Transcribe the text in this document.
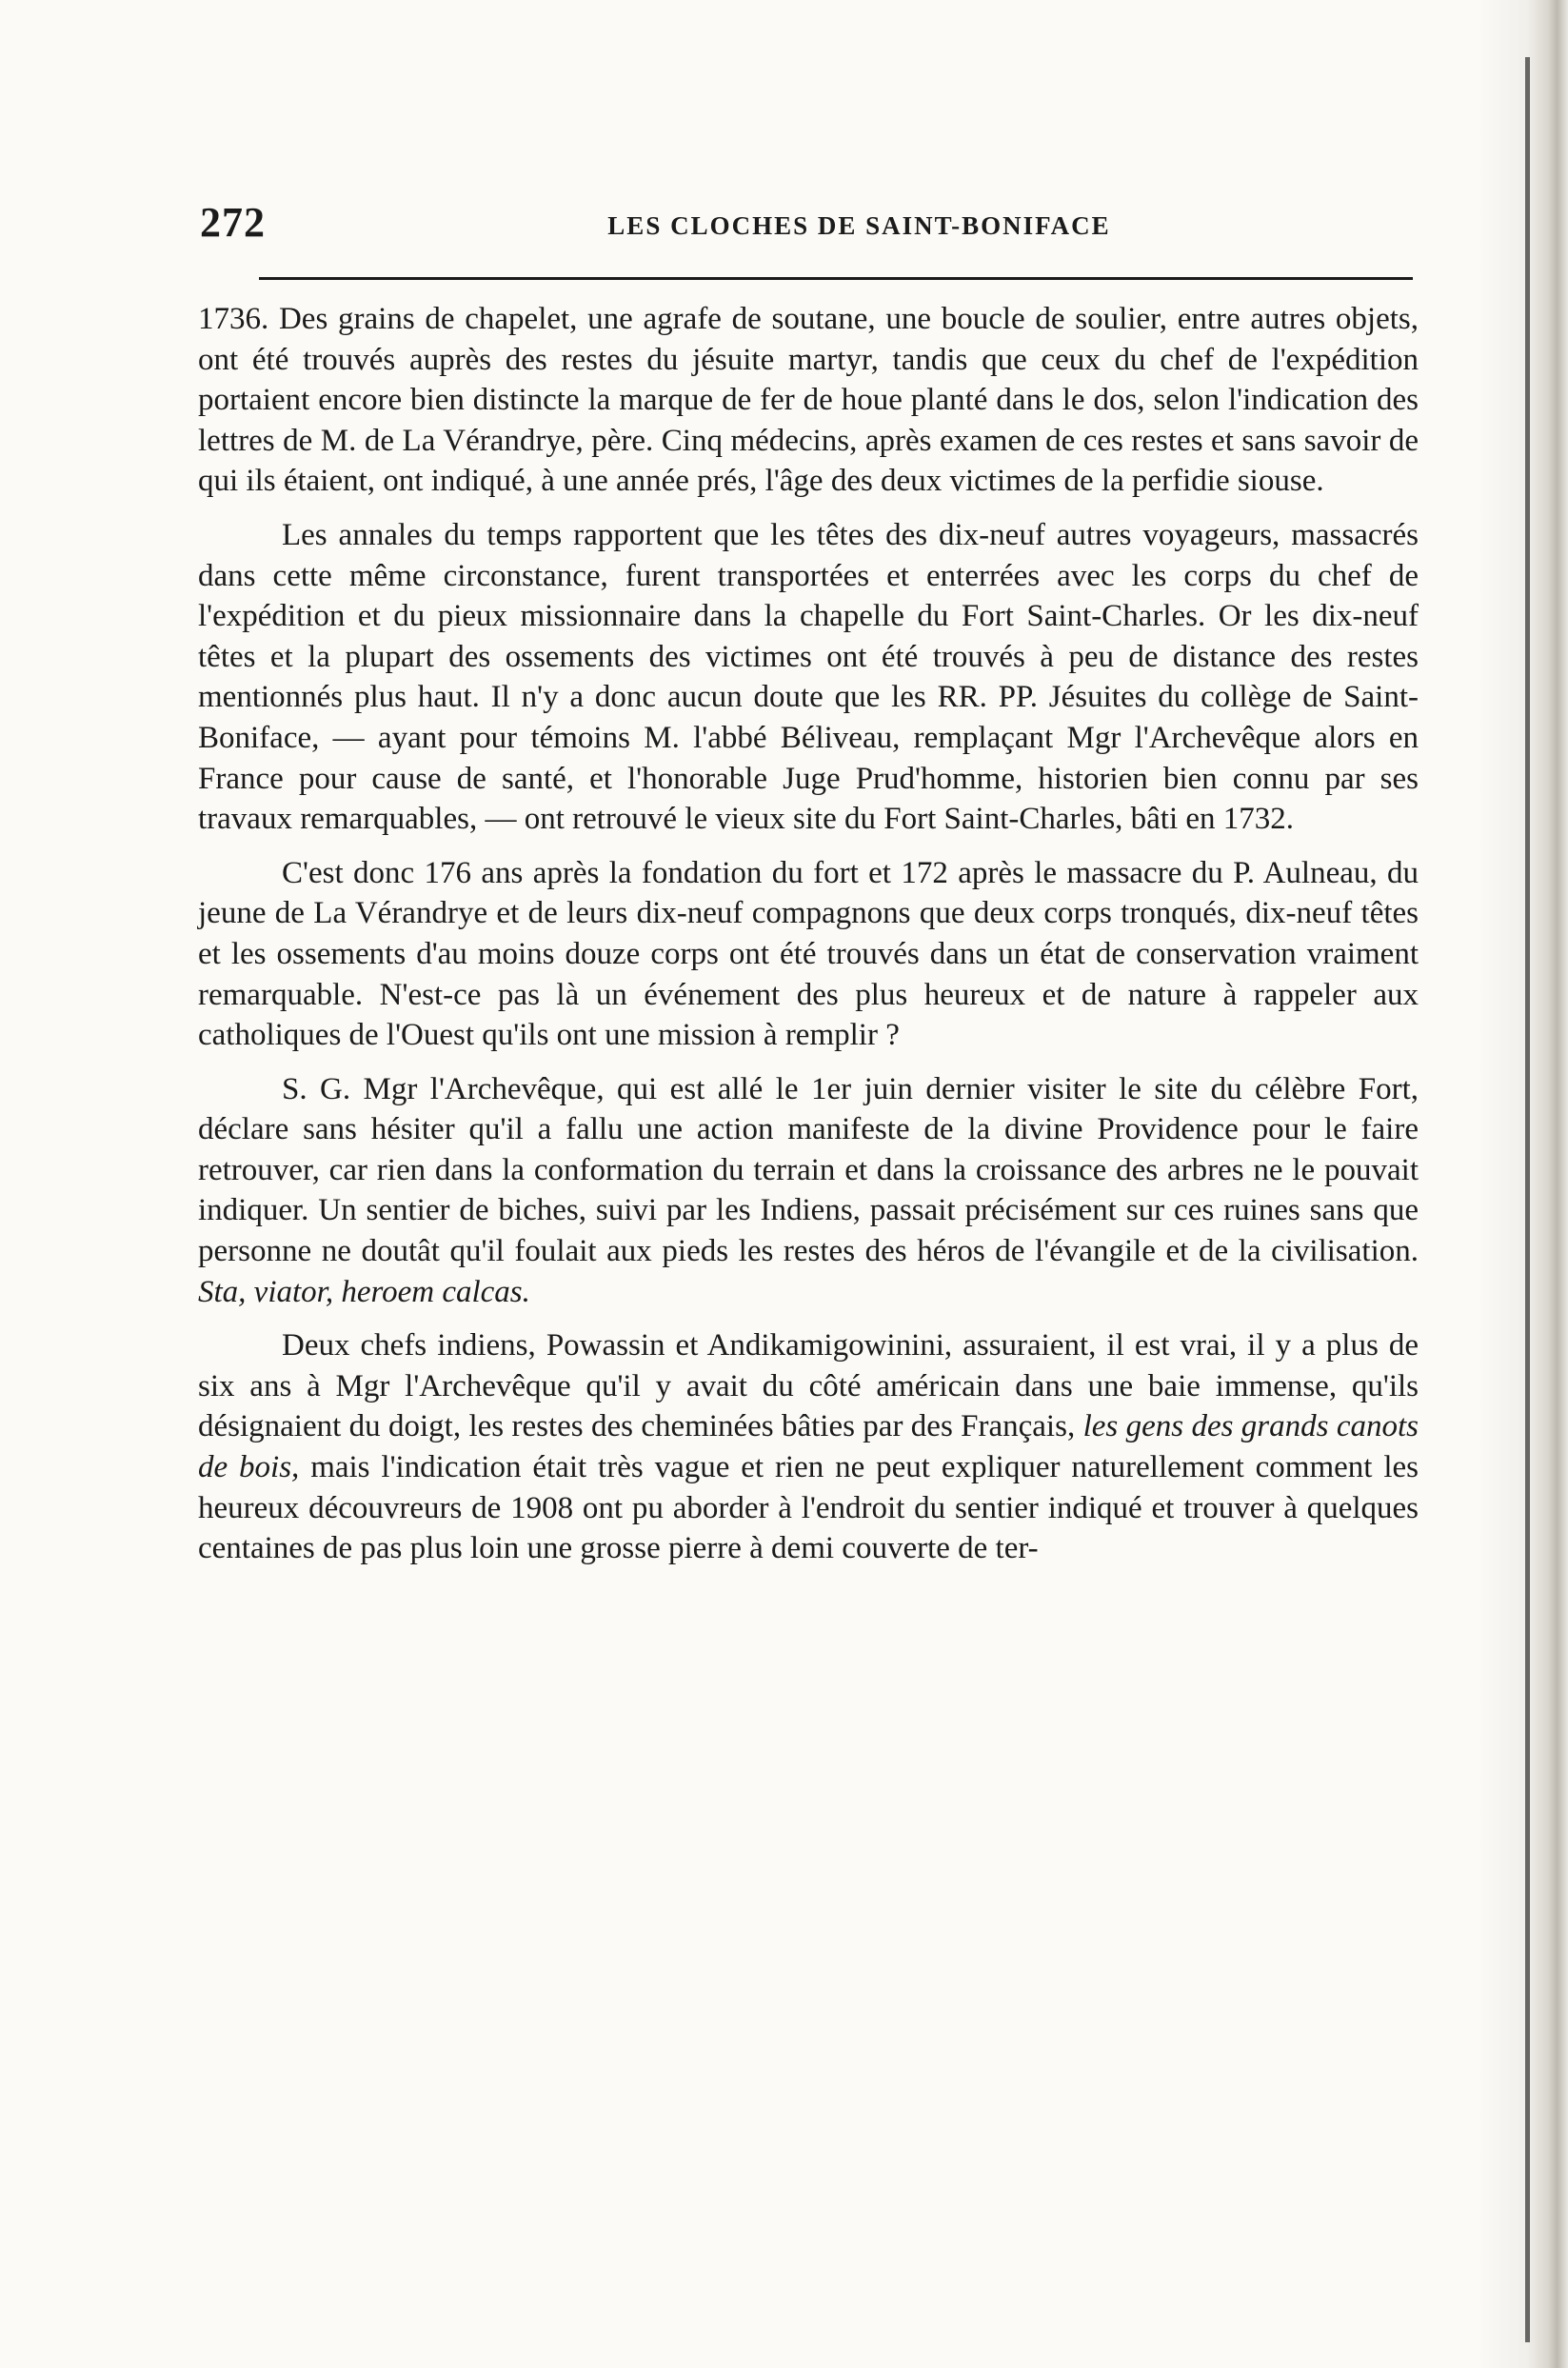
272	LES CLOCHES DE SAINT-BONIFACE

1736. Des grains de chapelet, une agrafe de soutane, une boucle de soulier, entre autres objets, ont été trouvés auprès des restes du jésuite martyr, tandis que ceux du chef de l'expédition portaient encore bien distincte la marque de fer de houe planté dans le dos, selon l'indication des lettres de M. de La Vérandrye, père. Cinq médecins, après examen de ces restes et sans savoir de qui ils étaient, ont indiqué, à une année prés, l'âge des deux victimes de la perfidie siouse.

Les annales du temps rapportent que les têtes des dix-neuf autres voyageurs, massacrés dans cette même circonstance, furent transportées et enterrées avec les corps du chef de l'expédition et du pieux missionnaire dans la chapelle du Fort Saint-Charles. Or les dix-neuf têtes et la plupart des ossements des victimes ont été trouvés à peu de distance des restes mentionnés plus haut. Il n'y a donc aucun doute que les RR. PP. Jésuites du collège de Saint-Boniface, — ayant pour témoins M. l'abbé Béliveau, remplaçant Mgr l'Archevêque alors en France pour cause de santé, et l'honorable Juge Prud'homme, historien bien connu par ses travaux remarquables, — ont retrouvé le vieux site du Fort Saint-Charles, bâti en 1732.

C'est donc 176 ans après la fondation du fort et 172 après le massacre du P. Aulneau, du jeune de La Vérandrye et de leurs dix-neuf compagnons que deux corps tronqués, dix-neuf têtes et les ossements d'au moins douze corps ont été trouvés dans un état de conservation vraiment remarquable. N'est-ce pas là un événement des plus heureux et de nature à rappeler aux catholiques de l'Ouest qu'ils ont une mission à remplir ?

S. G. Mgr l'Archevêque, qui est allé le 1er juin dernier visiter le site du célèbre Fort, déclare sans hésiter qu'il a fallu une action manifeste de la divine Providence pour le faire retrouver, car rien dans la conformation du terrain et dans la croissance des arbres ne le pouvait indiquer. Un sentier de biches, suivi par les Indiens, passait précisément sur ces ruines sans que personne ne doutât qu'il foulait aux pieds les restes des héros de l'évangile et de la civilisation. Sta, viator, heroem calcas.

Deux chefs indiens, Powassin et Andikamigowinini, assuraient, il est vrai, il y a plus de six ans à Mgr l'Archevêque qu'il y avait du côté américain dans une baie immense, qu'ils désignaient du doigt, les restes des cheminées bâties par des Français, les gens des grands canots de bois, mais l'indication était très vague et rien ne peut expliquer naturellement comment les heureux découvreurs de 1908 ont pu aborder à l'endroit du sentier indiqué et trouver à quelques centaines de pas plus loin une grosse pierre à demi couverte de ter-
